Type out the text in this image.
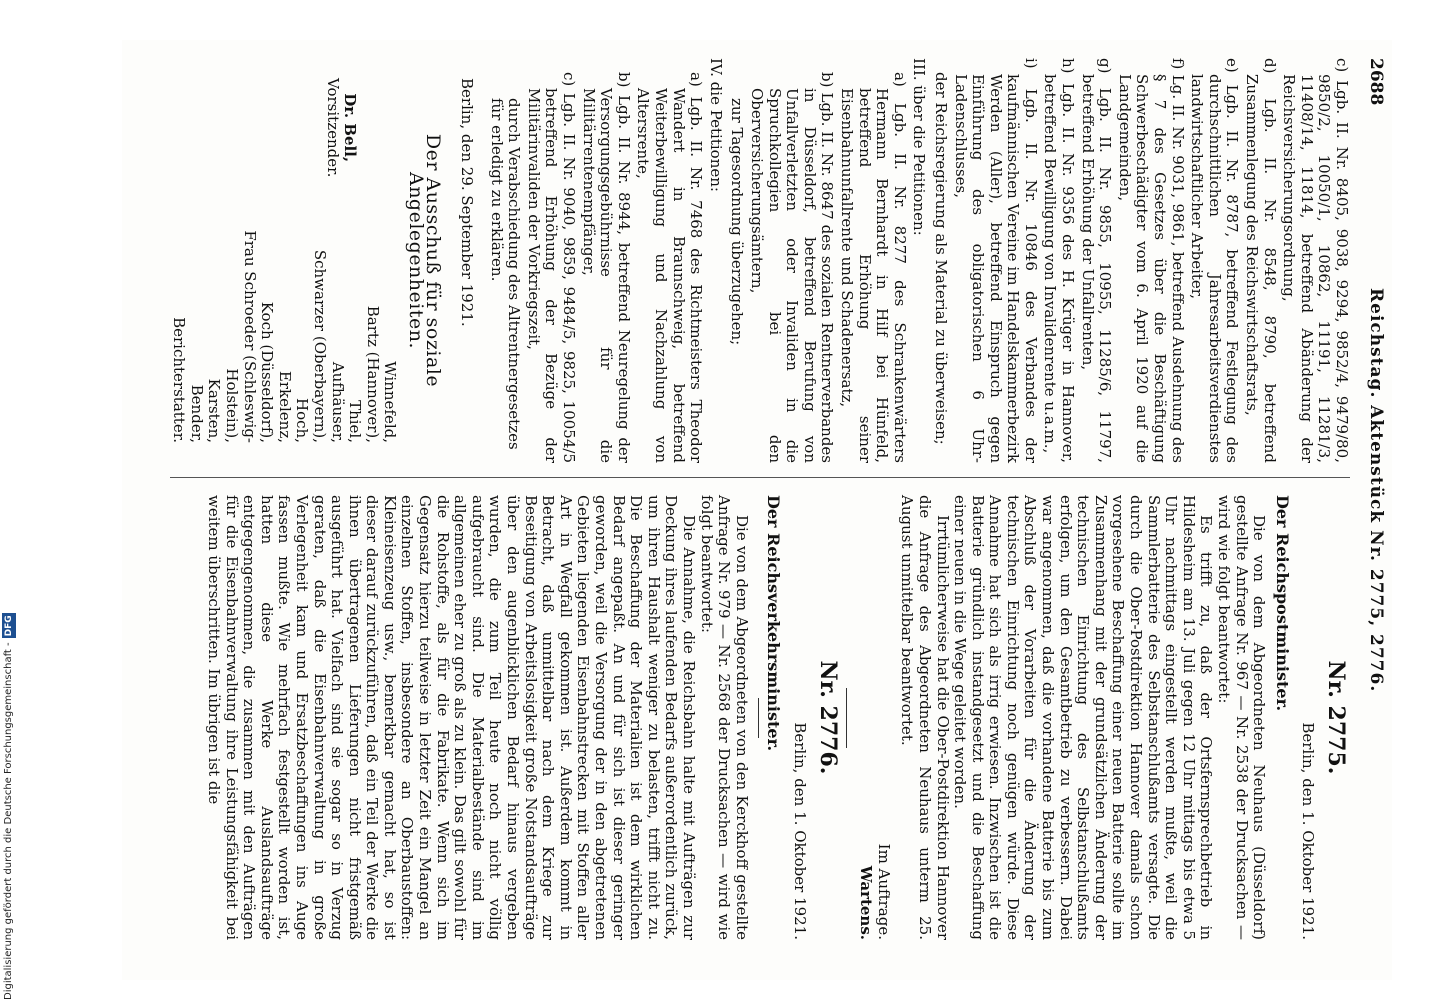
2688
Reichstag. Aktenstück Nr. 2775, 2776.

c) Lgb. II. Nr. 8405, 9038, 9294, 9852/4, 9479/80, 9850/2, 10050/1, 10862, 11191, 11281/3, 11408/14, 11814, betreffend Abänderung der Reichsversicherungsordnung,

d) Lgb. II. Nr. 8548, 8790, betreffend Zusammenlegung des Reichswirtschaftsrats,

e) Lgb. II. Nr. 8787, betreffend Festlegung des durchschnittlichen Jahresarbeitsverdienstes landwirtschaftlicher Arbeiter,

f) Lg. II. Nr. 9031, 9861, betreffend Ausdehnung des § 7 des Gesetzes über die Beschäftigung Schwerbeschädigter vom 6. April 1920 auf die Landgemeinden,

g) Lgb. II. Nr. 9855, 10955, 11285/6, 11797, betreffend Erhöhung der Unfallrenten,

h) Lgb. II. Nr. 9356 des H. Krüger in Hannover, betreffend Bewilligung von Invalidenrente u.a.m.,

i) Lgb. II. Nr. 10846 des Verbandes der kaufmännischen Vereine im Handelskammerbezirk Werden (Aller), betreffend Einspruch gegen Einführung des obligatorischen 6 Uhr-Ladenschlusses,

der Reichsregierung als Material zu überweisen;

III. über die Petitionen:

a) Lgb. II. Nr. 8277 des Schrankenwärters Hermann Bernhardt in Hilf bei Hünfeld, betreffend Erhöhung seiner Eisenbahnunfallrente und Schadenersatz,

b) Lgb. II. Nr. 8647 des sozialen Rentnerverbandes in Düsseldorf, betreffend Berufung von Unfallverletzten oder Invaliden in die Spruchkollegien bei den Oberversicherungsämtern,

zur Tagesordnung überzugehen;

IV. die Petitionen:

a) Lgb. II. Nr. 7468 des Richtmeisters Theodor Wandert in Braunschweig, betreffend Weiterbewilligung und Nachzahlung von Altersrente,

b) Lgb. II. Nr. 8944, betreffend Neuregelung der Versorgungsgebührnisse für die Militärrentenempfänger,

c) Lgb. II. Nr. 9040, 9859, 9484/5, 9825, 10054/5 betreffend Erhöhung der Bezüge der Militärinvaliden der Vorkriegszeit,

durch Verabschiedung des Altrentnergesetzes

für erledigt zu erklären.

Berlin, den 29. September 1921.

Der Ausschuß für soziale Angelegenheiten.
Dr. Bell,
Vorsitzender.
Winnefeld,
Bartz (Hannover),
Thiel,
Aufhäuser,
Schwarzer (Oberbayern),
Hoch,
Erkelenz,
Koch (Düsseldorf),
Frau Schroeder (Schleswig-Holstein),
Karsten,
Bender,
Berichterstatter.
Nr. 2775.

Berlin, den 1. Oktober 1921.

Der Reichspostminister.

Die von dem Abgeordneten Neuhaus (Düsseldorf) gestellte Anfrage Nr. 967 — Nr. 2538 der Drucksachen — wird wie folgt beantwortet:

Es trifft zu, daß der Ortsfernsprechbetrieb in Hildesheim am 13. Juli gegen 12 Uhr mittags bis etwa 5 Uhr nachmittags eingestellt werden mußte, weil die Sammlerbatterie des Selbstanschlußamts versagte. Die durch die Ober-Postdirektion Hannover damals schon vorgesehene Beschaffung einer neuen Batterie sollte im Zusammenhang mit der grundsätzlichen Änderung der technischen Einrichtung des Selbstanschlußamts erfolgen, um den Gesamtbetrieb zu verbessern. Dabei war angenommen, daß die vorhandene Batterie bis zum Abschluß der Vorarbeiten für die Änderung der technischen Einrichtung noch genügen würde. Diese Annahme hat sich als irrig erwiesen. Inzwischen ist die Batterie gründlich instandgesetzt und die Beschaffung einer neuen in die Wege geleitet worden.

Irrtümlicherweise hat die Ober-Postdirektion Hannover die Anfrage des Abgeordneten Neuhaus unterm 25. August unmittelbar beantwortet.

Im Auftrage.
Wartens.
Nr. 2776.

Berlin, den 1. Oktober 1921.

Der Reichsverkehrsminister.

Die von dem Abgeordneten von den Kerckhoff gestellte Anfrage Nr. 979 — Nr. 2568 der Drucksachen — wird wie folgt beantwortet:

Die Annahme, die Reichsbahn halte mit Aufträgen zur Deckung ihres laufenden Bedarfs außerordentlich zurück, um ihren Haushalt weniger zu belasten, trifft nicht zu. Die Beschaffung der Materialien ist dem wirklichen Bedarf angepaßt. An und für sich ist dieser geringer geworden, weil die Versorgung der in den abgetretenen Gebieten liegenden Eisenbahnstrecken mit Stoffen aller Art in Wegfall gekommen ist. Außerdem kommt in Betracht, daß unmittelbar nach dem Kriege zur Beseitigung von Arbeitslosigkeit große Notstandsaufträge über den augenblicklichen Bedarf hinaus vergeben wurden, die zum Teil heute noch nicht völlig aufgebraucht sind. Die Materialbestände sind im allgemeinen eher zu groß als zu klein. Das gilt sowohl für die Rohstoffe, als für die Fabrikate. Wenn sich im Gegensatz hierzu teilweise in letzter Zeit ein Mangel an einzelnen Stoffen, insbesondere an Oberbaustoffen: Kleineisenzeug usw., bemerkbar gemacht hat, so ist dieser darauf zurückzuführen, daß ein Teil der Werke die ihnen übertragenen Lieferungen nicht fristgemäß ausgeführt hat. Vielfach sind sie sogar so in Verzug geraten, daß die Eisenbahnverwaltung in große Verlegenheit kam und Ersatzbeschaffungen ins Auge fassen mußte. Wie mehrfach festgestellt worden ist, hatten diese Werke Auslandsaufträge entgegengenommen, die zusammen mit den Aufträgen für die Eisenbahnverwaltung ihre Leistungsfähigkeit bei weitem überschritten. Im übrigen ist die

Digitalisierung gefördert durch die Deutsche Forschungsgemeinschaft -DFG
